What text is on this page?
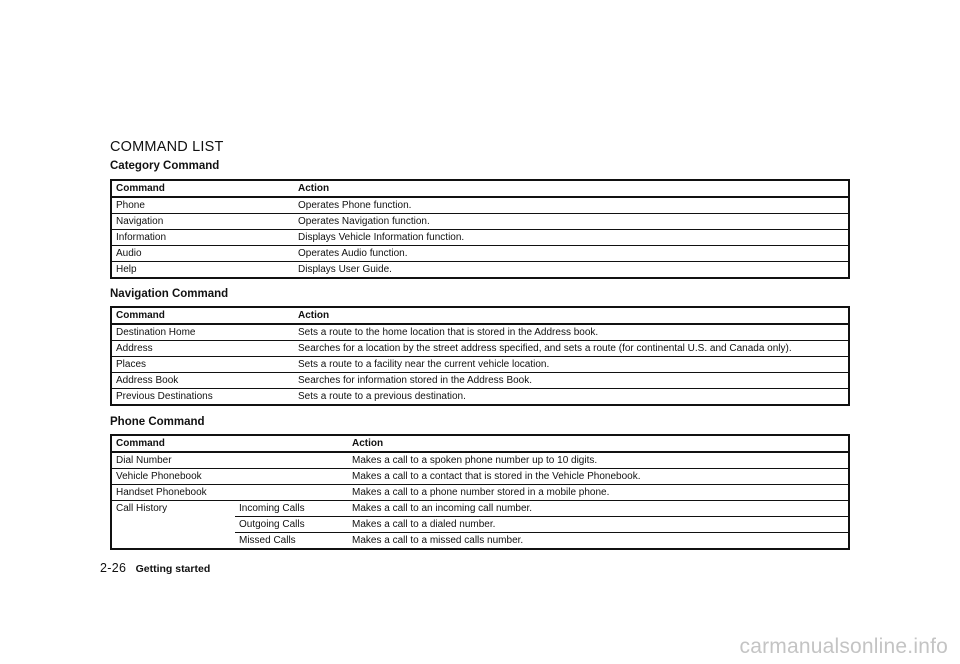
COMMAND LIST
Category Command
Command	Action
Phone	Operates Phone function.
Navigation	Operates Navigation function.
Information	Displays Vehicle Information function.
Audio	Operates Audio function.
Help	Displays User Guide.
Navigation Command
Command	Action
Destination Home	Sets a route to the home location that is stored in the Address book.
Address	Searches for a location by the street address specified, and sets a route (for continental U.S. and Canada only).
Places	Sets a route to a facility near the current vehicle location.
Address Book	Searches for information stored in the Address Book.
Previous Destinations	Sets a route to a previous destination.
Phone Command
Command		Action
Dial Number		Makes a call to a spoken phone number up to 10 digits.
Vehicle Phonebook		Makes a call to a contact that is stored in the Vehicle Phonebook.
Handset Phonebook		Makes a call to a phone number stored in a mobile phone.
Call History	Incoming Calls	Makes a call to an incoming call number.
	Outgoing Calls	Makes a call to a dialed number.
	Missed Calls	Makes a call to a missed calls number.
2-26 Getting started
carmanualsonline.info
